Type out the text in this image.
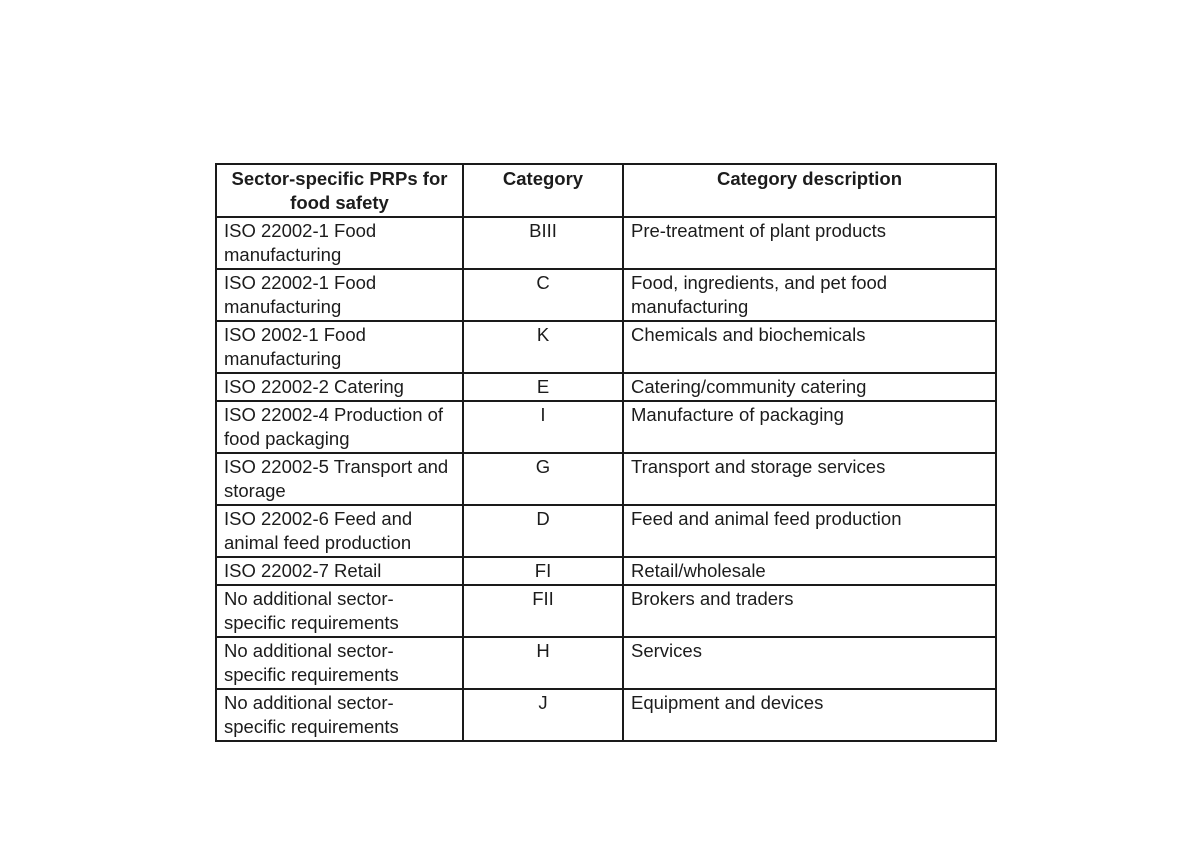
Sector-specific PRPs for food safety	Category	Category description
ISO 22002-1 Food manufacturing	BIII	Pre-treatment of plant products
ISO 22002-1 Food manufacturing	C	Food, ingredients, and pet food manufacturing
ISO 2002-1 Food manufacturing	K	Chemicals and biochemicals
ISO 22002-2 Catering	E	Catering/community catering
ISO 22002-4 Production of food packaging	I	Manufacture of packaging
ISO 22002-5 Transport and storage	G	Transport and storage services
ISO 22002-6 Feed and animal feed production	D	Feed and animal feed production
ISO 22002-7 Retail	FI	Retail/wholesale
No additional sector-specific requirements	FII	Brokers and traders
No additional sector-specific requirements	H	Services
No additional sector-specific requirements	J	Equipment and devices
